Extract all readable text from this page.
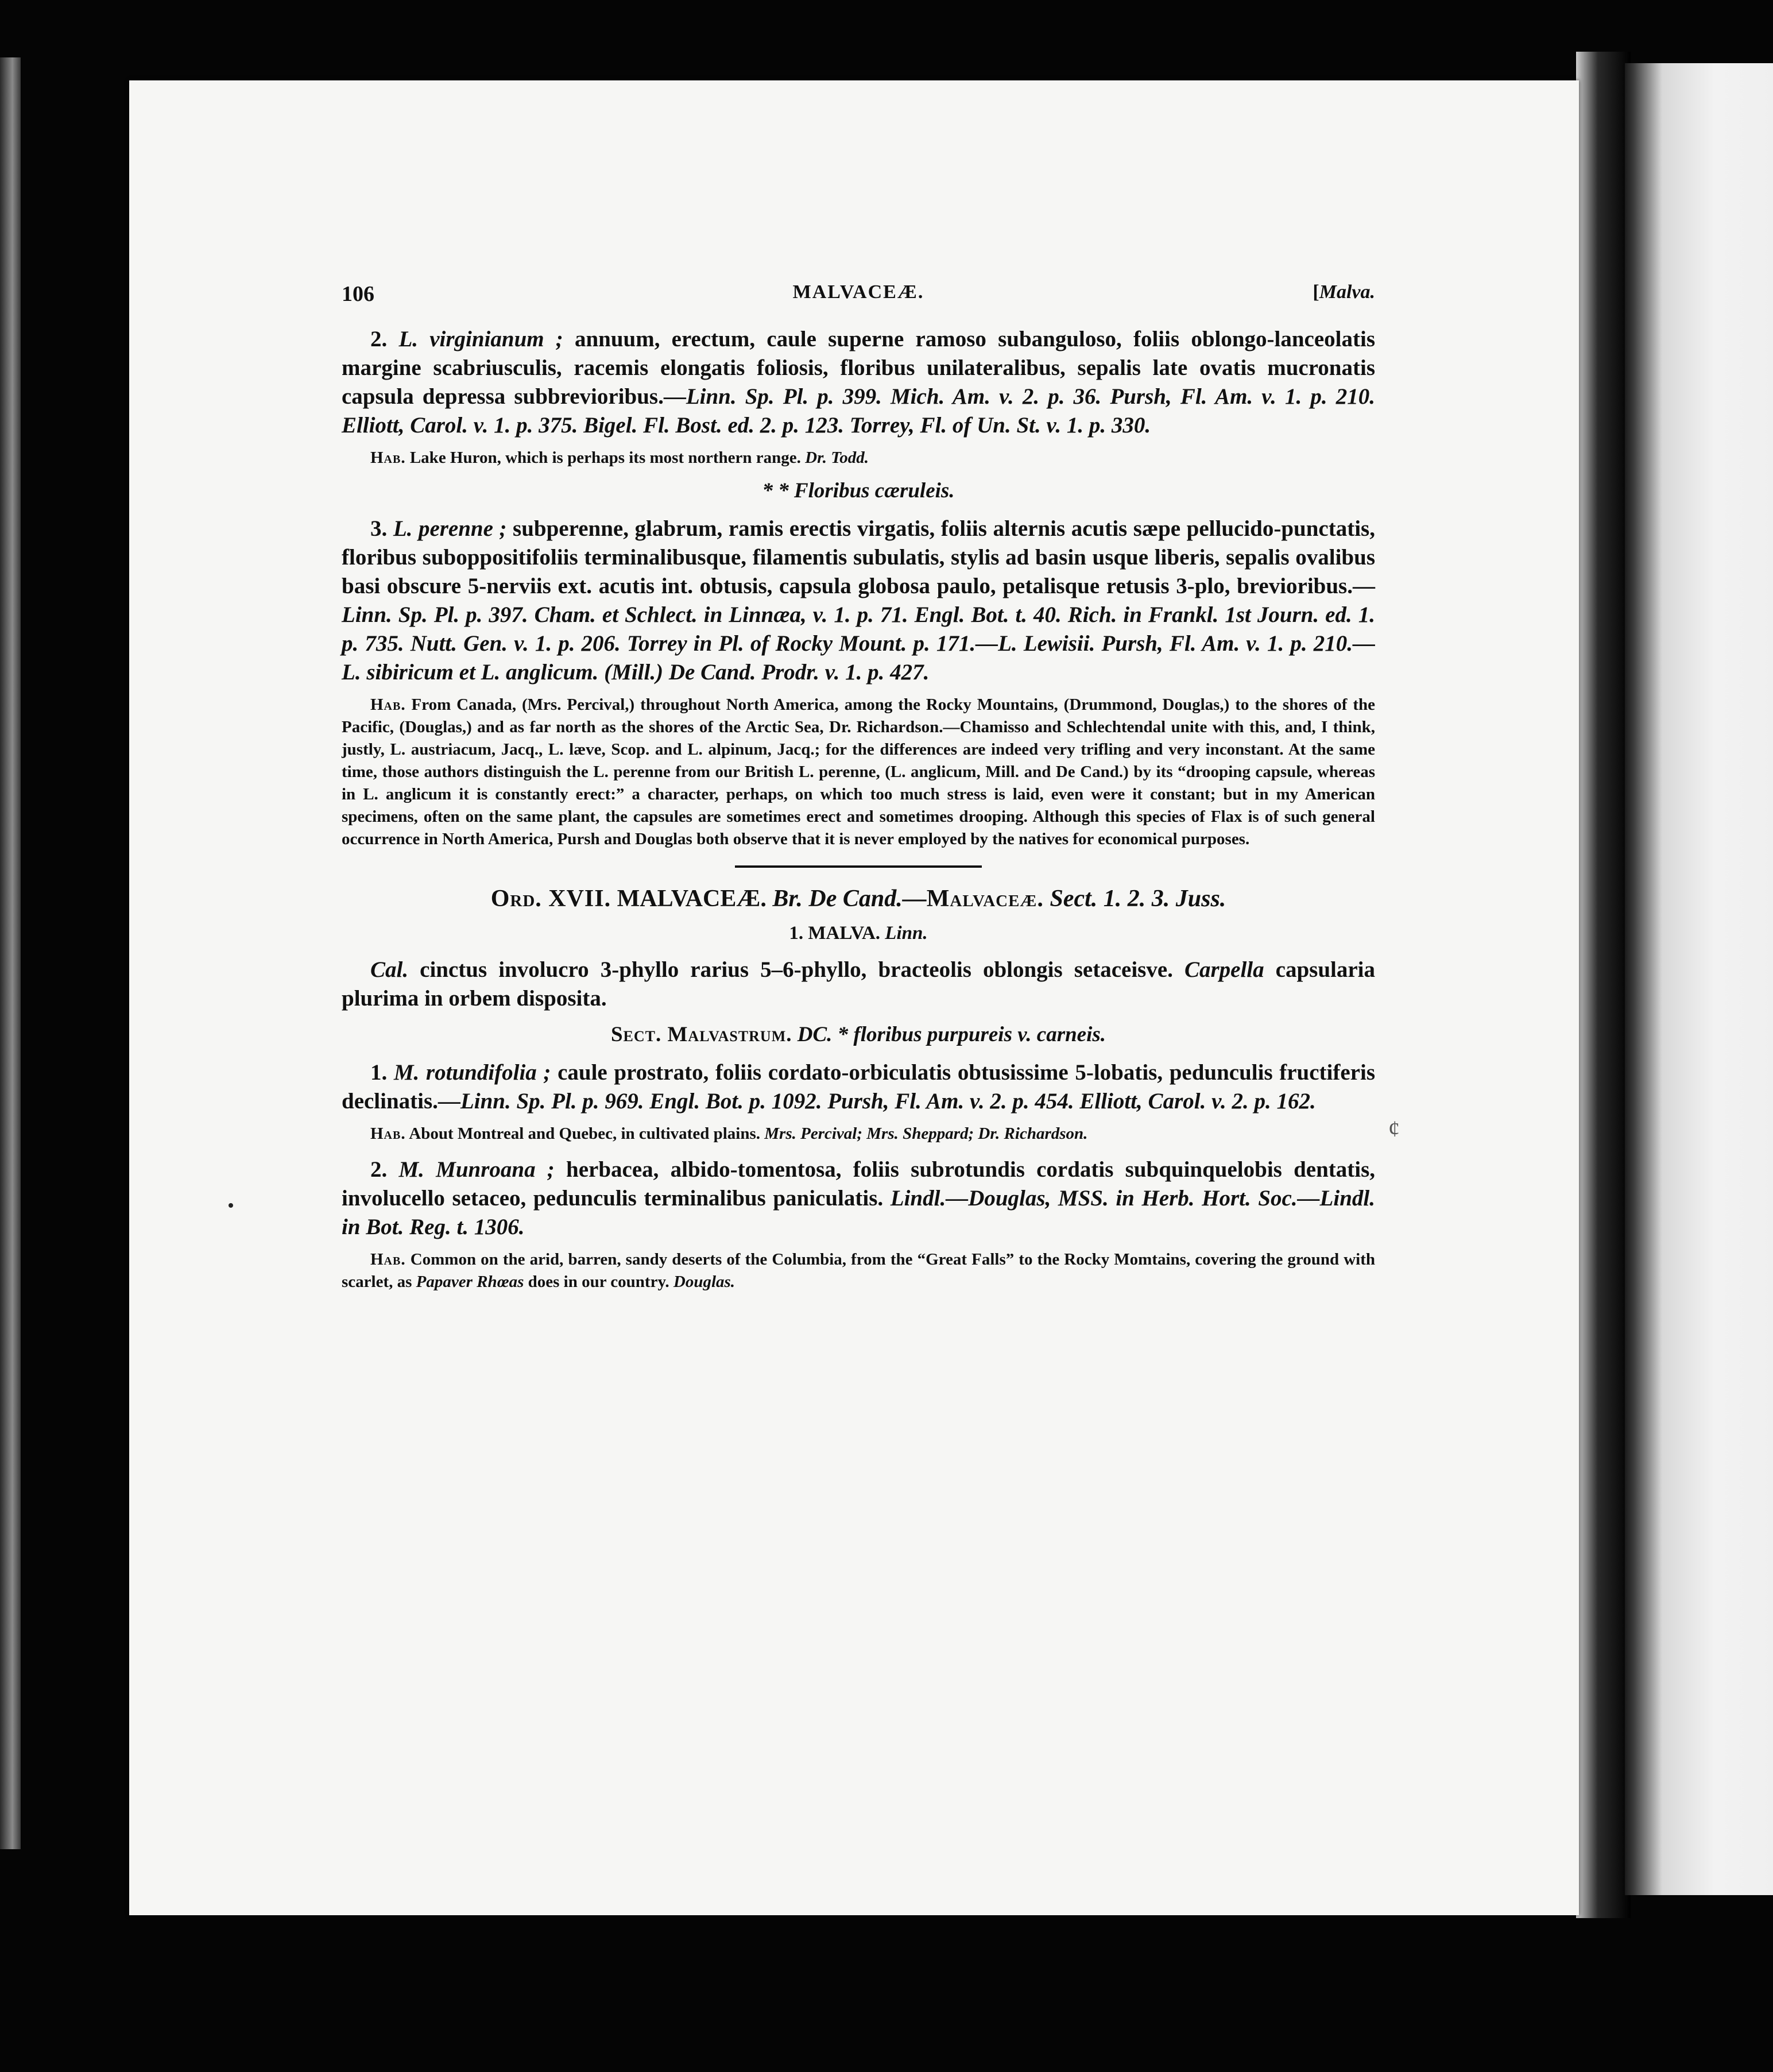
¢
106	MALVACEÆ.	[Malva.

2. L. virginianum ; annuum, erectum, caule superne ramoso subanguloso, foliis oblongo-lanceolatis margine scabriusculis, racemis elongatis foliosis, floribus unilateralibus, sepalis late ovatis mucronatis capsula depressa subbrevioribus.—Linn. Sp. Pl. p. 399. Mich. Am. v. 2. p. 36. Pursh, Fl. Am. v. 1. p. 210. Elliott, Carol. v. 1. p. 375. Bigel. Fl. Bost. ed. 2. p. 123. Torrey, Fl. of Un. St. v. 1. p. 330.

Hab. Lake Huron, which is perhaps its most northern range. Dr. Todd.

* * Floribus cæruleis.

3. L. perenne ; subperenne, glabrum, ramis erectis virgatis, foliis alternis acutis sæpe pellucido-punctatis, floribus suboppositifoliis terminalibusque, filamentis subulatis, stylis ad basin usque liberis, sepalis ovalibus basi obscure 5-nerviis ext. acutis int. obtusis, capsula globosa paulo, petalisque retusis 3-plo, brevioribus.—Linn. Sp. Pl. p. 397. Cham. et Schlect. in Linnæa, v. 1. p. 71. Engl. Bot. t. 40. Rich. in Frankl. 1st Journ. ed. 1. p. 735. Nutt. Gen. v. 1. p. 206. Torrey in Pl. of Rocky Mount. p. 171.—L. Lewisii. Pursh, Fl. Am. v. 1. p. 210.—L. sibiricum et L. anglicum. (Mill.) De Cand. Prodr. v. 1. p. 427.

Hab. From Canada, (Mrs. Percival,) throughout North America, among the Rocky Mountains, (Drummond, Douglas,) to the shores of the Pacific, (Douglas,) and as far north as the shores of the Arctic Sea, Dr. Richardson.—Chamisso and Schlechtendal unite with this, and, I think, justly, L. austriacum, Jacq., L. læve, Scop. and L. alpinum, Jacq.; for the differences are indeed very trifling and very inconstant. At the same time, those authors distinguish the L. perenne from our British L. perenne, (L. anglicum, Mill. and De Cand.) by its “drooping capsule, whereas in L. anglicum it is constantly erect:” a character, perhaps, on which too much stress is laid, even were it constant; but in my American specimens, often on the same plant, the capsules are sometimes erect and sometimes drooping. Although this species of Flax is of such general occurrence in North America, Pursh and Douglas both observe that it is never employed by the natives for economical purposes.

Ord. XVII. MALVACEÆ. Br. De Cand.—Malvaceæ. Sect. 1. 2. 3. Juss.
1. MALVA. Linn.

Cal. cinctus involucro 3-phyllo rarius 5–6-phyllo, bracteolis oblongis setaceisve. Carpella capsularia plurima in orbem disposita.

Sect. Malvastrum. DC. * floribus purpureis v. carneis.

1. M. rotundifolia ; caule prostrato, foliis cordato-orbiculatis obtusissime 5-lobatis, pedunculis fructiferis declinatis.—Linn. Sp. Pl. p. 969. Engl. Bot. p. 1092. Pursh, Fl. Am. v. 2. p. 454. Elliott, Carol. v. 2. p. 162.

Hab. About Montreal and Quebec, in cultivated plains. Mrs. Percival; Mrs. Sheppard; Dr. Richardson.

2. M. Munroana ; herbacea, albido-tomentosa, foliis subrotundis cordatis subquinquelobis dentatis, involucello setaceo, pedunculis terminalibus paniculatis. Lindl.—Douglas, MSS. in Herb. Hort. Soc.—Lindl. in Bot. Reg. t. 1306.

Hab. Common on the arid, barren, sandy deserts of the Columbia, from the “Great Falls” to the Rocky Momtains, covering the ground with scarlet, as Papaver Rhœas does in our country. Douglas.
